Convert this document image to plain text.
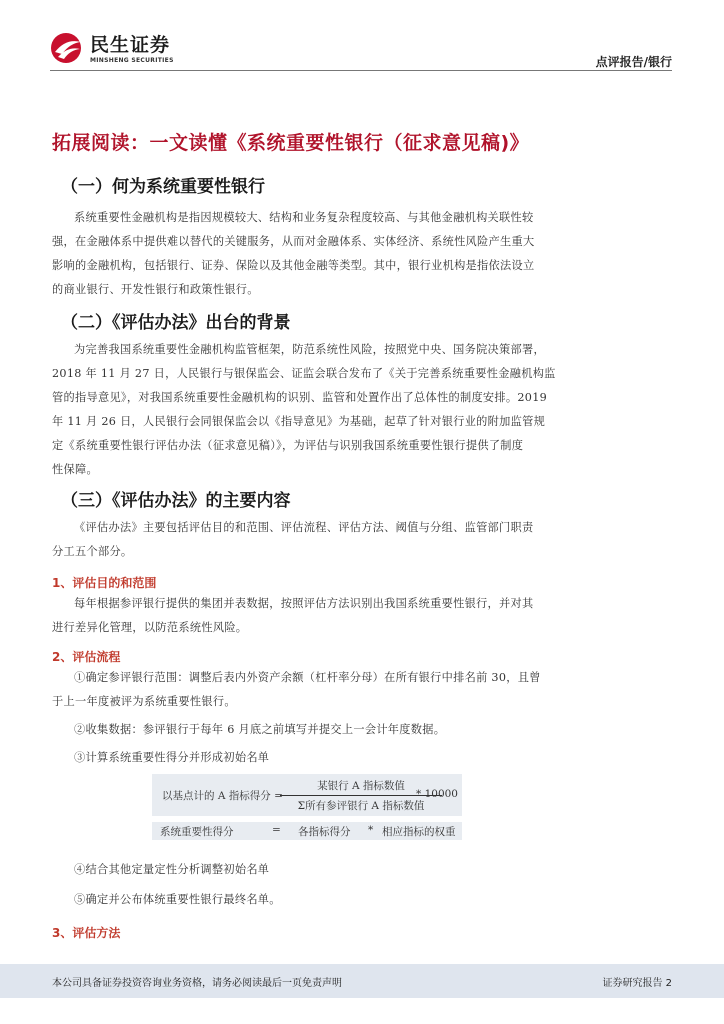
民生证券
MINSHENG SECURITIES	点评报告/银行
拓展阅读：一文读懂《系统重要性银行（征求意见稿)》
（一）何为系统重要性银行
系统重要性金融机构是指因规模较大、结构和业务复杂程度较高、与其他金融机构关联性较
强，在金融体系中提供难以替代的关键服务，从而对金融体系、实体经济、系统性风险产生重大
影响的金融机构，包括银行、证券、保险以及其他金融等类型。其中，银行业机构是指依法设立
的商业银行、开发性银行和政策性银行。
（二）《评估办法》出台的背景
为完善我国系统重要性金融机构监管框架，防范系统性风险，按照党中央、国务院决策部署，
2018 年 11 月 27 日，人民银行与银保监会、证监会联合发布了《关于完善系统重要性金融机构监
管的指导意见》，对我国系统重要性金融机构的识别、监管和处置作出了总体性的制度安排。2019
年 11 月 26 日，人民银行会同银保监会以《指导意见》为基础，起草了针对银行业的附加监管规
定《系统重要性银行评估办法（征求意见稿）》，为评估与识别我国系统重要性银行提供了制度
性保障。
（三）《评估办法》的主要内容
《评估办法》主要包括评估目的和范围、评估流程、评估方法、阈值与分组、监管部门职责
分工五个部分。
1、评估目的和范围
每年根据参评银行提供的集团并表数据，按照评估方法识别出我国系统重要性银行，并对其
进行差异化管理，以防范系统性风险。
2、评估流程
①确定参评银行范围：调整后表内外资产余额（杠杆率分母）在所有银行中排名前 30，且曾
于上一年度被评为系统重要性银行。
②收集数据：参评银行于每年 6 月底之前填写并提交上一会计年度数据。
③计算系统重要性得分并形成初始名单
以基点计的 A 指标得分 =
某银行 A 指标数值
Σ所有参评银行 A 指标数值
* 10000
系统重要性得分	= 各指标得分 * 相应指标的权重
④结合其他定量定性分析调整初始名单
⑤确定并公布体统重要性银行最终名单。
3、评估方法
本公司具备证券投资咨询业务资格，请务必阅读最后一页免责声明	证券研究报告 2
